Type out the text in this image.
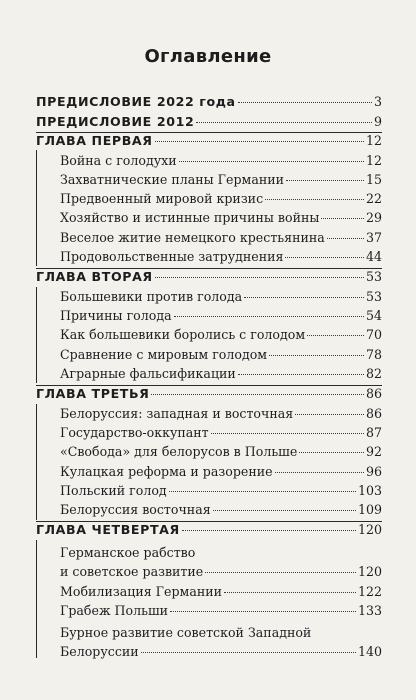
Оглавление
ПРЕДИСЛОВИЕ 2022 года	3
ПРЕДИСЛОВИЕ 2012	9
ГЛАВА ПЕРВАЯ	12
Война с голодухи	12
Захватнические планы Германии	15
Предвоенный мировой кризис	22
Хозяйство и истинные причины войны	29
Веселое житие немецкого крестьянина	37
Продовольственные затруднения	44
ГЛАВА ВТОРАЯ	53
Большевики против голода	53
Причины голода	54
Как большевики боролись с голодом	70
Сравнение с мировым голодом	78
Аграрные фальсификации	82
ГЛАВА ТРЕТЬЯ	86
Белоруссия: западная и восточная	86
Государство-оккупант	87
«Свобода» для белорусов в Польше	92
Кулацкая реформа и разорение	96
Польский голод	103
Белоруссия восточная	109
ГЛАВА ЧЕТВЕРТАЯ	120
Германское рабство
и советское развитие	120
Мобилизация Германии	122
Грабеж Польши	133
Бурное развитие советской Западной
Белоруссии	140
